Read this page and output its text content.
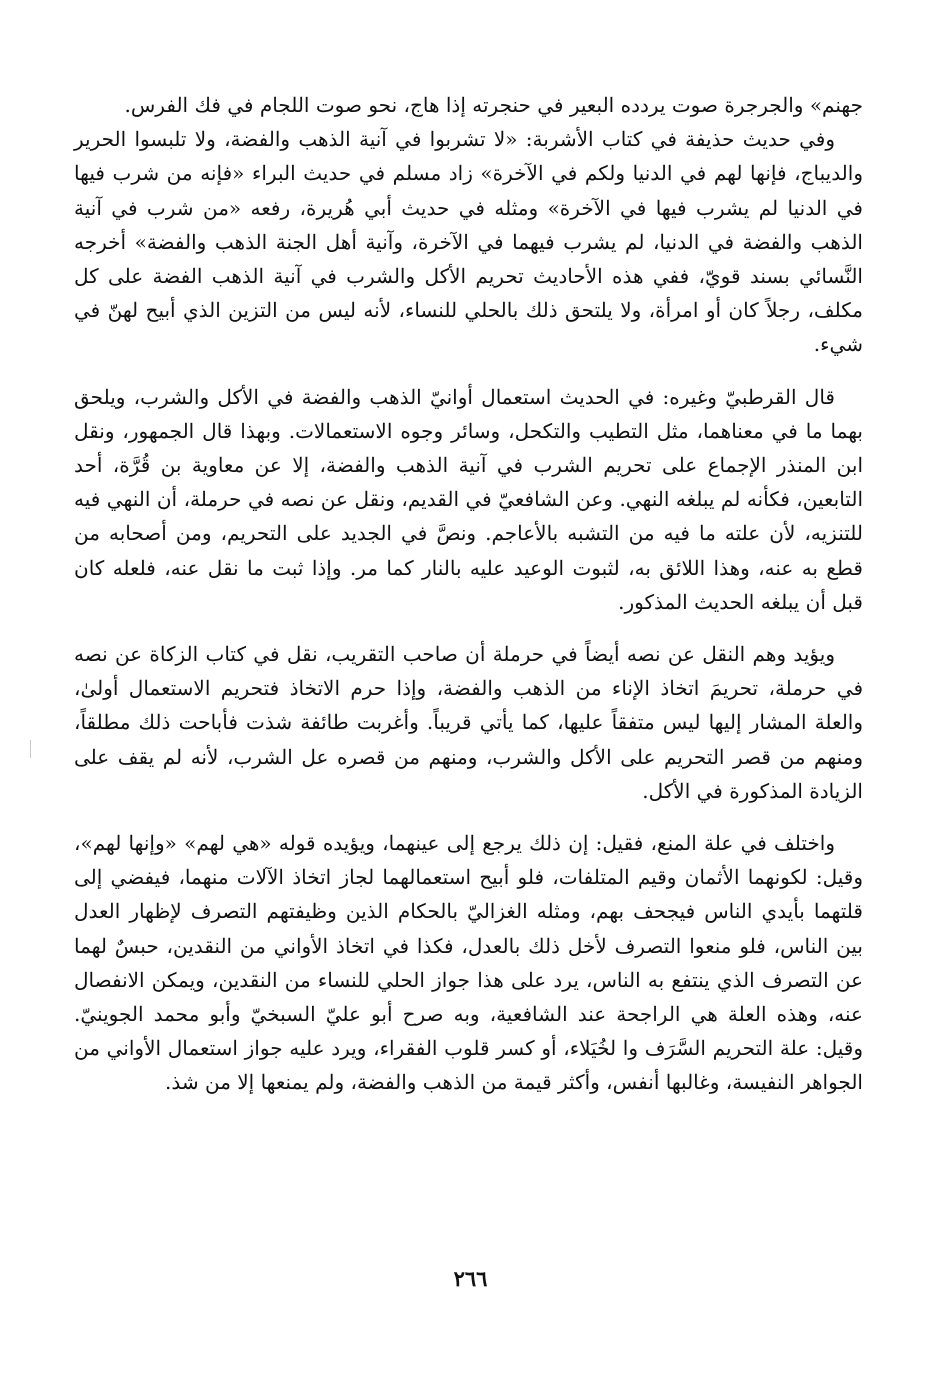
جهنم» والجرجرة صوت يردده البعير في حنجرته إذا هاج، نحو صوت اللجام في فك الفرس.

وفي حديث حذيفة في كتاب الأشربة: «لا تشربوا في آنية الذهب والفضة، ولا تلبسوا الحرير والديباج، فإنها لهم في الدنيا ولكم في الآخرة» زاد مسلم في حديث البراء «فإنه من شرب فيها في الدنيا لم يشرب فيها في الآخرة» ومثله في حديث أبي هُريرة، رفعه «من شرب في آنية الذهب والفضة في الدنيا، لم يشرب فيهما في الآخرة، وآنية أهل الجنة الذهب والفضة» أخرجه النَّسائي بسند قويّ، ففي هذه الأحاديث تحريم الأكل والشرب في آنية الذهب الفضة على كل مكلف، رجلاً كان أو امرأة، ولا يلتحق ذلك بالحلي للنساء، لأنه ليس من التزين الذي أبيح لهنّ في شيء.

قال القرطبيّ وغيره: في الحديث استعمال أوانيّ الذهب والفضة في الأكل والشرب، ويلحق بهما ما في معناهما، مثل التطيب والتكحل، وسائر وجوه الاستعمالات. وبهذا قال الجمهور، ونقل ابن المنذر الإجماع على تحريم الشرب في آنية الذهب والفضة، إلا عن معاوية بن قُرَّة، أحد التابعين، فكأنه لم يبلغه النهي. وعن الشافعيّ في القديم، ونقل عن نصه في حرملة، أن النهي فيه للتنزيه، لأن علته ما فيه من التشبه بالأعاجم. ونصَّ في الجديد على التحريم، ومن أصحابه من قطع به عنه، وهذا اللائق به، لثبوت الوعيد عليه بالنار كما مر. وإذا ثبت ما نقل عنه، فلعله كان قبل أن يبلغه الحديث المذكور.

ويؤيد وهم النقل عن نصه أيضاً في حرملة أن صاحب التقريب، نقل في كتاب الزكاة عن نصه في حرملة، تحريمَ اتخاذ الإناء من الذهب والفضة، وإذا حرم الاتخاذ فتحريم الاستعمال أولىٰ، والعلة المشار إليها ليس متفقاً عليها، كما يأتي قريباً. وأغربت طائفة شذت فأباحت ذلك مطلقاً، ومنهم من قصر التحريم على الأكل والشرب، ومنهم من قصره عل الشرب، لأنه لم يقف على الزيادة المذكورة في الأكل.

واختلف في علة المنع، فقيل: إن ذلك يرجع إلى عينهما، ويؤيده قوله «هي لهم» «وإنها لهم»، وقيل: لكونهما الأثمان وقيم المتلفات، فلو أبيح استعمالهما لجاز اتخاذ الآلات منهما، فيفضي إلى قلتهما بأيدي الناس فيجحف بهم، ومثله الغزاليّ بالحكام الذين وظيفتهم التصرف لإظهار العدل بين الناس، فلو منعوا التصرف لأخل ذلك بالعدل، فكذا في اتخاذ الأواني من النقدين، حبسٌ لهما عن التصرف الذي ينتفع به الناس، يرد على هذا جواز الحلي للنساء من النقدين، ويمكن الانفصال عنه، وهذه العلة هي الراجحة عند الشافعية، وبه صرح أبو عليّ السبخيّ وأبو محمد الجوينيّ. وقيل: علة التحريم السَّرَف وا لخُيَلاء، أو كسر قلوب الفقراء، ويرد عليه جواز استعمال الأواني من الجواهر النفيسة، وغالبها أنفس، وأكثر قيمة من الذهب والفضة، ولم يمنعها إلا من شذ.

٢٦٦
